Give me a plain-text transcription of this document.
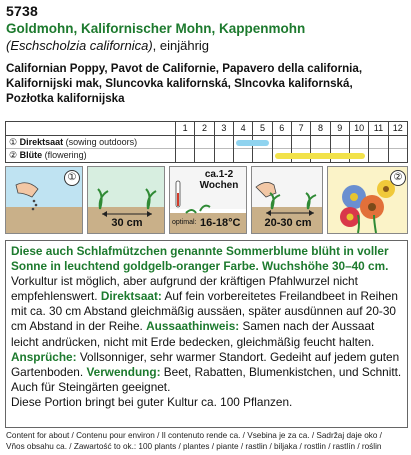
5738
Goldmohn, Kalifornischer Mohn, Kappenmohn
(Eschscholzia californica), einjährig
Californian Poppy, Pavot de Californie, Papavero della california,
Kalifornijski mak, Sluncovka kalifornská, Slncovka kalifornská,
Pozłotka kalifornijska
1	2	3	4	5	6	7	8	9	10	11	12
① Direktsaat (sowing outdoors)
② Blüte (flowering)
①
30 cm
ca.1-2
Wochen
optimal: 16-18°C	20-30 cm
②

Diese auch Schlafmützchen genannte Sommerblume blüht in voller Sonne in leuchtend goldgelb-oranger Farbe. Wuchshöhe 30–40 cm.

Vorkultur ist möglich, aber aufgrund der kräftigen Pfahlwurzel nicht empfehlenswert. Direktsaat: Auf fein vorbereitetes Freilandbeet in Reihen mit ca. 30 cm Abstand gleichmäßig aussäen, später ausdünnen auf 20-30 cm Abstand in der Reihe. Aussaathinweis: Samen nach der Aussaat leicht andrücken, nicht mit Erde bedecken, gleichmäßig feucht halten. Ansprüche: Vollsonniger, sehr warmer Standort. Gedeiht auf jedem guten Gartenboden. Verwendung: Beet, Rabatten, Blumenkistchen, und Schnitt. Auch für Steingärten geeignet.

Diese Portion bringt bei guter Kultur ca. 100 Pflanzen.

Content for about / Contenu pour environ / Il contenuto rende ca. / Vsebina je za ca. / Sadržaj daje oko /
Vňos obsahu ca. / Zawartość to ok.: 100 plants / plantes / piante / rastlin / biljaka / rostlin / rastlín / roślin
